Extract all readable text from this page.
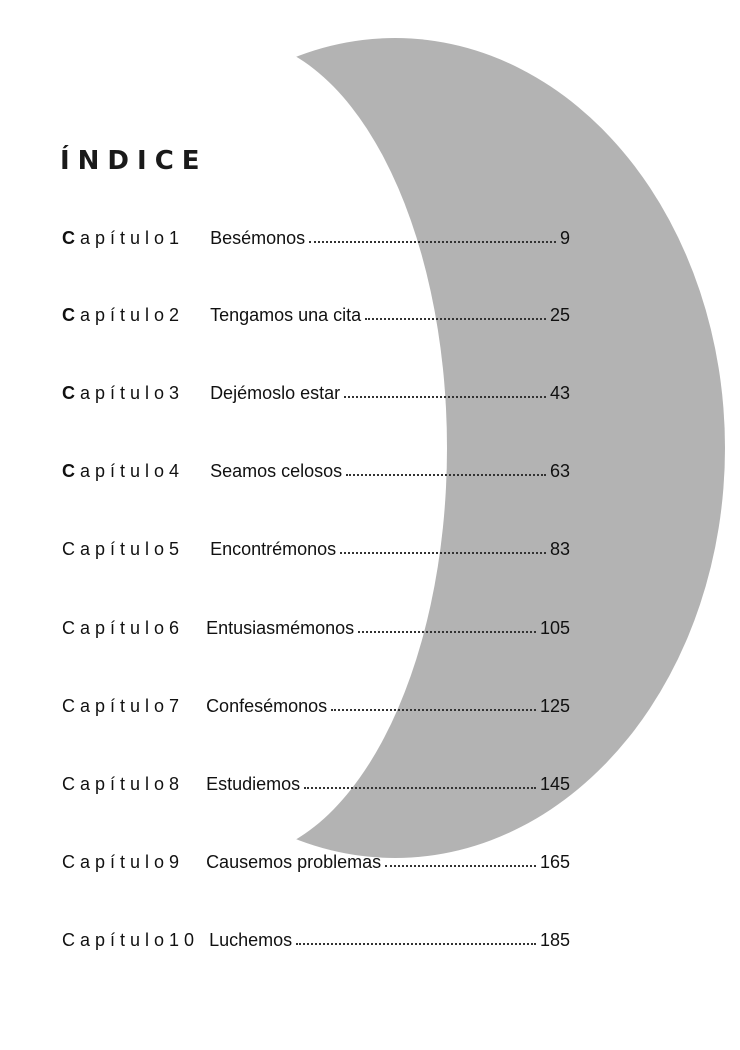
ÍNDICE
Capítulo1 Besémonos	9
Capítulo2 Tengamos una cita	25
Capítulo3 Dejémoslo estar	43
Capítulo4 Seamos celosos	63
Capítulo5 Encontrémonos	83
Capítulo6 Entusiasmémonos	105
Capítulo7 Confesémonos	125
Capítulo8 Estudiemos	145
Capítulo9 Causemos problemas	165
Capítulo10 Luchemos	185
